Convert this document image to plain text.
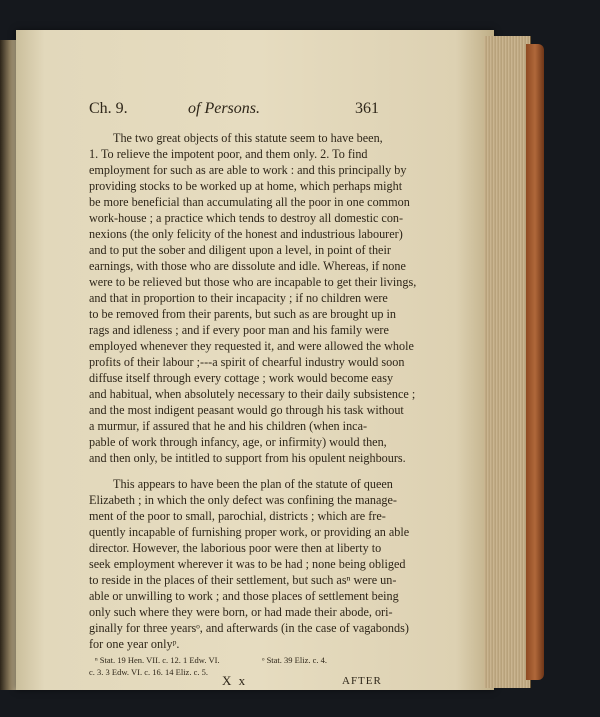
Ch. 9.	of Persons.	361
The two great objects of this statute seem to have been,
1. To relieve the impotent poor, and them only. 2. To find
employment for such as are able to work : and this principally by
providing stocks to be worked up at home, which perhaps might
be more beneficial than accumulating all the poor in one common
work-house ; a practice which tends to destroy all domestic con-
nexions (the only felicity of the honest and industrious labourer)
and to put the sober and diligent upon a level, in point of their
earnings, with those who are dissolute and idle. Whereas, if none
were to be relieved but those who are incapable to get their livings,
and that in proportion to their incapacity ; if no children were
to be removed from their parents, but such as are brought up in
rags and idleness ; and if every poor man and his family were
employed whenever they requested it, and were allowed the whole
profits of their labour ;---a spirit of chearful industry would soon
diffuse itself through every cottage ; work would become easy
and habitual, when absolutely necessary to their daily subsistence ;
and the most indigent peasant would go through his task without
a murmur, if assured that he and his children (when inca-
pable of work through infancy, age, or infirmity) would then,
and then only, be intitled to support from his opulent neighbours.
This appears to have been the plan of the statute of queen
Elizabeth ; in which the only defect was confining the manage-
ment of the poor to small, parochial, districts ; which are fre-
quently incapable of furnishing proper work, or providing an able
director. However, the laborious poor were then at liberty to
seek employment wherever it was to be had ; none being obliged
to reside in the places of their settlement, but such asⁿ were un-
able or unwilling to work ; and those places of settlement being
only such where they were born, or had made their abode, ori-
ginally for three yearsᵒ, and afterwards (in the case of vagabonds)
for one year onlyᵖ.
ⁿ Stat. 19 Hen. VII. c. 12. 1 Edw. VI.
c. 3. 3 Edw. VI. c. 16. 14 Eliz. c. 5.
ᵒ Stat. 39 Eliz. c. 4.
X x	AFTER
